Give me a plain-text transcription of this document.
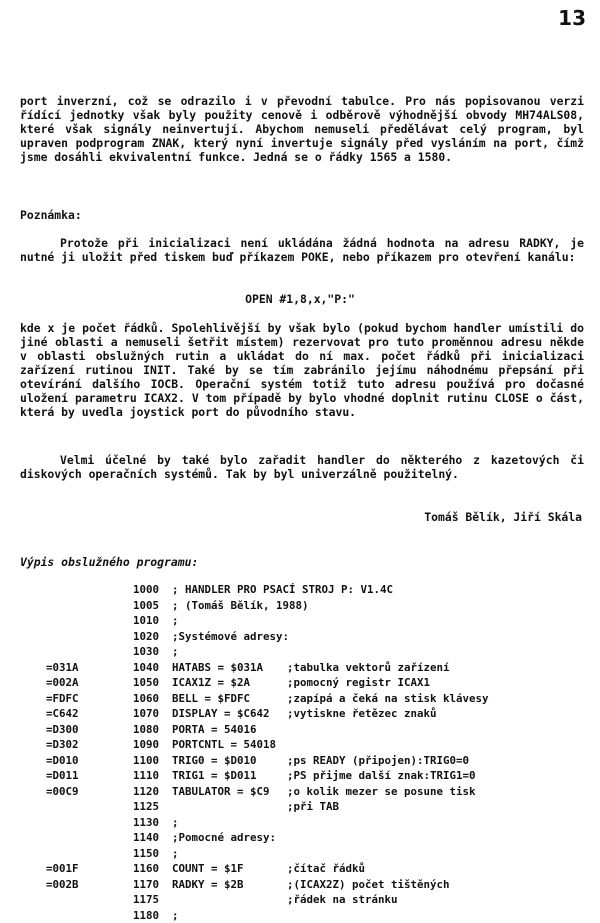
13

port inverzní, což se odrazilo i v převodní tabulce. Pro nás popisovanou verzi řídící jednotky však byly použity cenově i odběrově výhodnější obvody MH74ALS08, které však signály neinvertují. Abychom nemuseli předělávat celý program, byl upraven podprogram ZNAK, který nyní invertuje signály před vysláním na port, čímž jsme dosáhli ekvivalentní funkce. Jedná se o řádky 1565 a 1580.

Poznámka:

Protože při inicializaci není ukládána žádná hodnota na adresu RADKY, je nutné ji uložit před tiskem buď příkazem POKE, nebo příkazem pro otevření kanálu:

OPEN #1,8,x,"P:"

kde x je počet řádků. Spolehlivější by však bylo (pokud bychom handler umístili do jiné oblasti a nemuseli šetřit místem) rezervovat pro tuto proměnnou adresu někde v oblasti obslužných rutin a ukládat do ní max. počet řádků při inicializaci zařízení rutinou INIT. Také by se tím zabránilo jejímu náhodnému přepsání při otevírání dalšího IOCB. Operační systém totiž tuto adresu používá pro dočasné uložení parametru ICAX2. V tom případě by bylo vhodné doplnit rutinu CLOSE o část, která by uvedla joystick port do původního stavu.

Velmi účelné by také bylo zařadit handler do některého z kazetových či diskových operačních systémů. Tak by byl univerzálně použitelný.

Tomáš Bělík, Jiří Skála
Výpis obslužného programu:
1000 ; HANDLER PRO PSACÍ STROJ P: V1.4C
1005 ; (Tomáš Bělík, 1988)
1010 ;
1020 ;Systémové adresy:
1030 ;
=031A	1040 HATABS = $031A ;tabulka vektorů zařízení
=002A	1050 ICAX1Z = $2A	;pomocný registr ICAX1
=FDFC	1060 BELL = $FDFC	;zapípá a čeká na stisk klávesy
=C642	1070 DISPLAY = $C642 ;vytiskne řetězec znaků
=D300	1080 PORTA = 54016
=D302	1090 PORTCNTL = 54018
=D010	1100 TRIG0 = $D010	;ps READY (připojen):TRIG0=0
=D011	1110 TRIG1 = $D011	;PS přijme další znak:TRIG1=0
=00C9	1120 TABULATOR = $C9 ;o kolik mezer se posune tisk
1125	;při TAB
1130 ;
1140 ;Pomocné adresy:
1150 ;
=001F	1160 COUNT = $1F	;čítač řádků
=002B	1170 RADKY = $2B	;(ICAX2Z) počet tištěných
1175	;řádek na stránku
1180 ;
